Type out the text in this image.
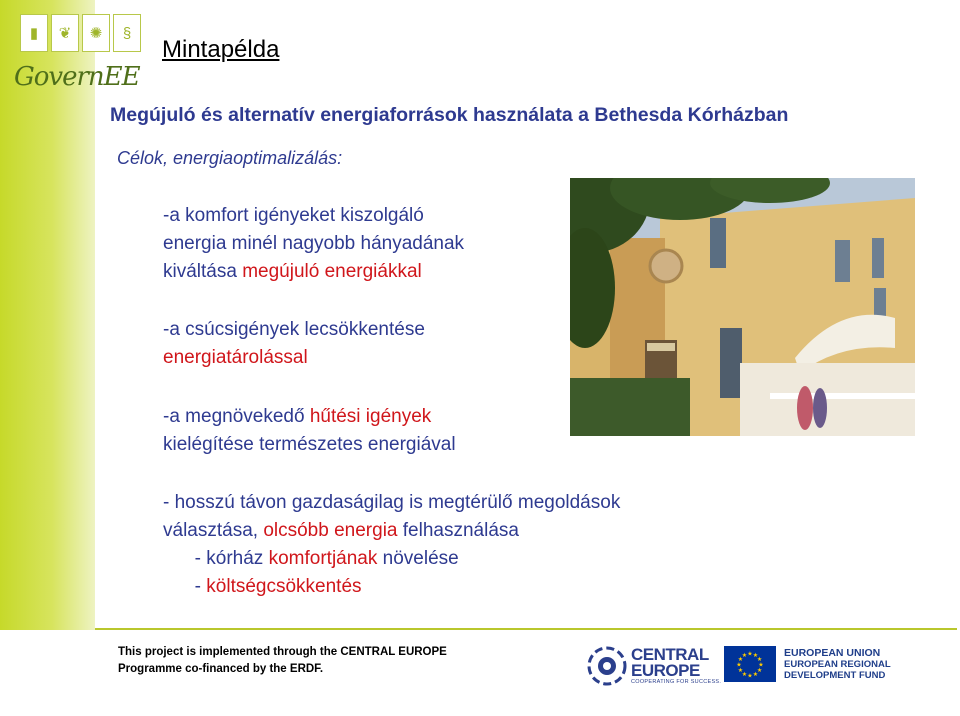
▮	❦	✺	§
GovernEE
Mintapélda
Megújuló és alternatív energiaforrások használata a Bethesda Kórházban
Célok, energiaoptimalizálás:
-a komfort igényeket kiszolgáló
energia minél nagyobb hányadának
kiváltása megújuló energiákkal
-a csúcsigények lecsökkentése
energiatárolással
-a megnövekedő hűtési igények
kielégítése természetes energiával
- hosszú távon gazdaságilag is megtérülő megoldások
választása, olcsóbb energia felhasználása
- kórház komfortjának növelése
- költségcsökkentés
This project is implemented through the CENTRAL EUROPE
Programme co-financed by the ERDF.
CENTRAL
EUROPE
COOPERATING FOR SUCCESS.
★
★
★
★
★
★
★
★
★ ★ ★
★
EUROPEAN UNION
EUROPEAN REGIONAL
DEVELOPMENT FUND
